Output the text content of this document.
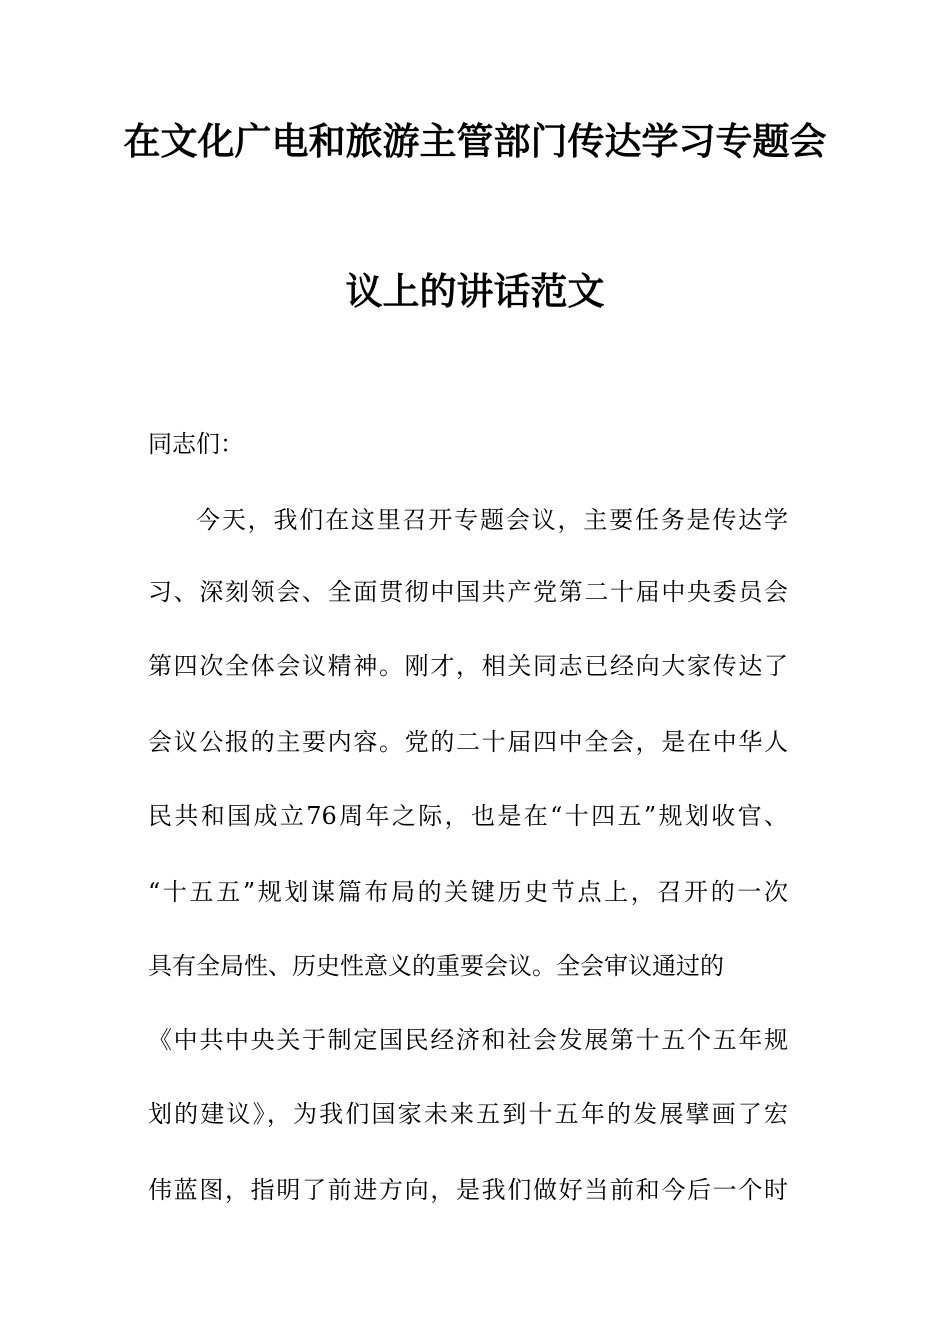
在文化广电和旅游主管部门传达学习专题会
议上的讲话范文
同志们：
今天，我们在这里召开专题会议，主要任务是传达学
习、深刻领会、全面贯彻中国共产党第二十届中央委员会
第四次全体会议精神。刚才，相关同志已经向大家传达了
会议公报的主要内容。党的二十届四中全会，是在中华人
民共和国成立76周年之际，也是在“十四五”规划收官、
“十五五”规划谋篇布局的关键历史节点上，召开的一次
具有全局性、历史性意义的重要会议。全会审议通过的
《中共中央关于制定国民经济和社会发展第十五个五年规
划的建议》，为我们国家未来五到十五年的发展擘画了宏
伟蓝图，指明了前进方向，是我们做好当前和今后一个时
